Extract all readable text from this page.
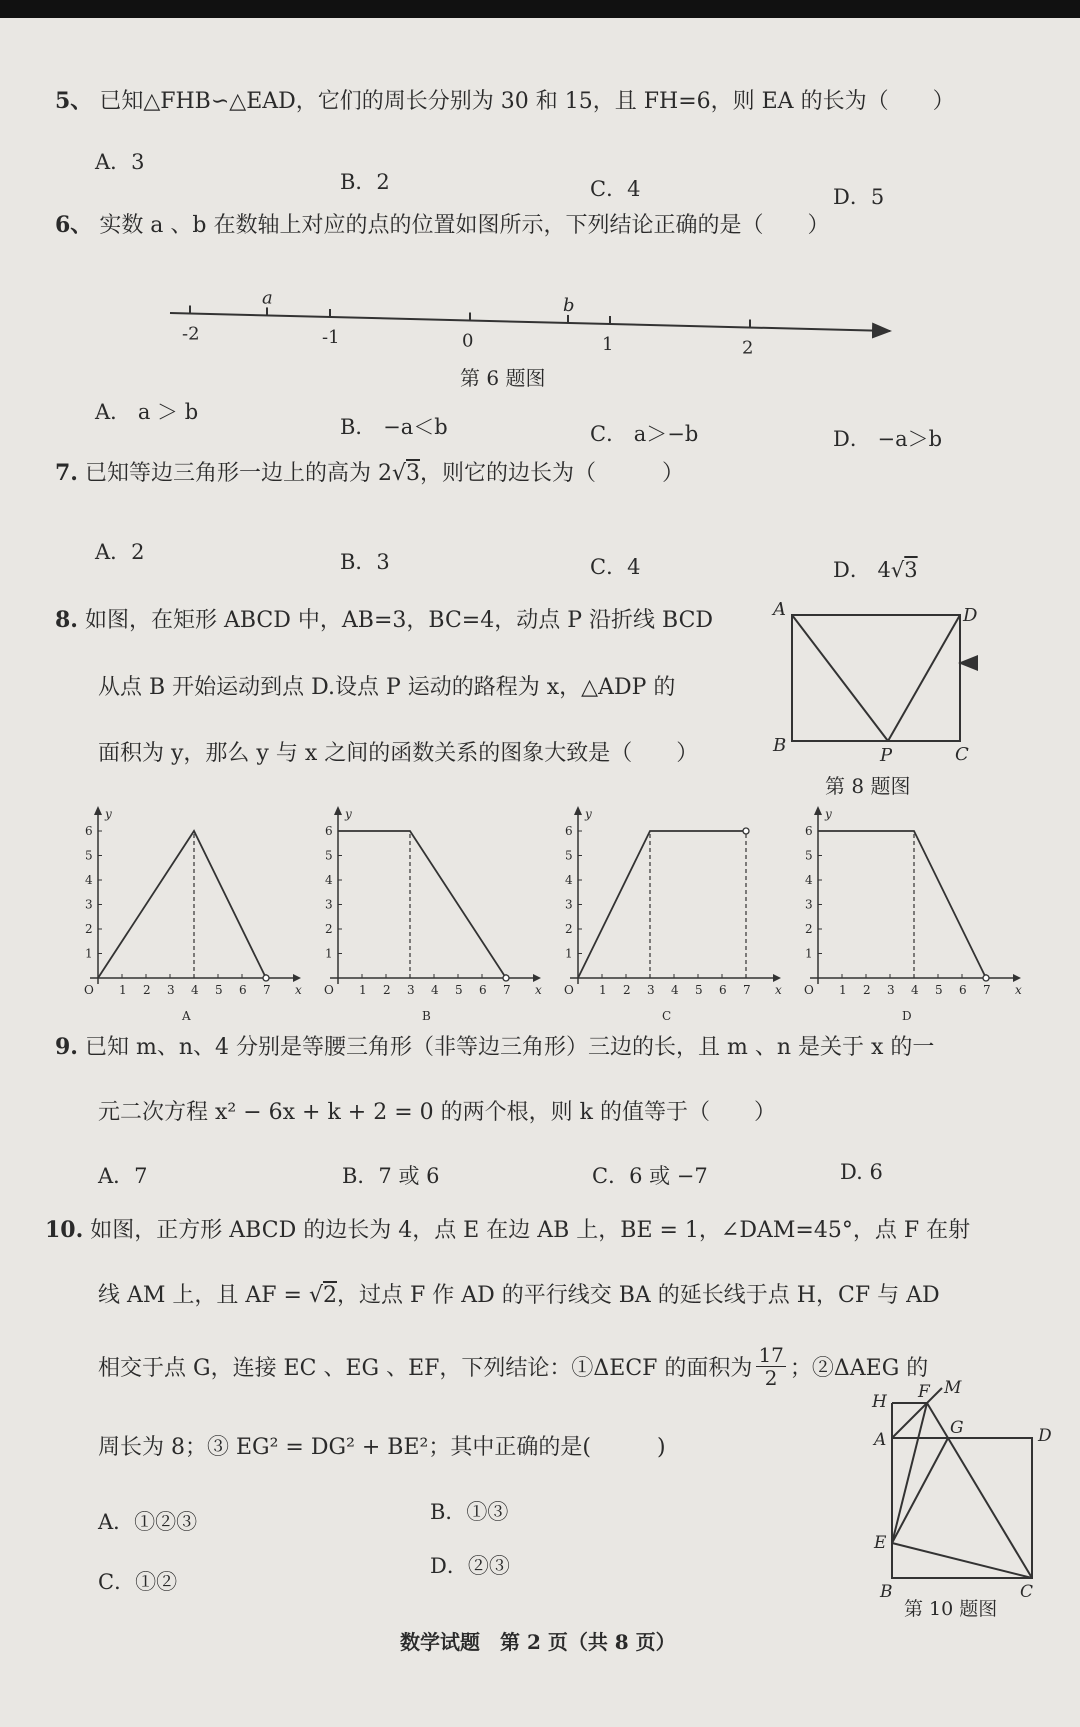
5、 已知△FHB∽△EAD，它们的周长分别为 30 和 15，且 FH=6，则 EA 的长为（　　）
A．3
B．2	C．4	D．5
6、 实数 a 、b 在数轴上对应的点的位置如图所示，下列结论正确的是（　　）
-2	-1	0	1	2
a	b
第 6 题图
A． a ＞ b
B． −a＜b	C． a＞−b	D． −a＞b
7. 已知等边三角形一边上的高为 2√3，则它的边长为（　　　）
A．2	B．3	C．4	D． 4√3
8. 如图，在矩形 ABCD 中，AB=3，BC=4，动点 P 沿折线 BCD
从点 B 开始运动到点 D.设点 P 运动的路程为 x，△ADP 的
面积为 y，那么 y 与 x 之间的函数关系的图象大致是（　　）
A	D
B	C
P
第 8 题图
1 2 3 4 5 6 7
1
2
3
4
5
6
O	x
y
A
1 2 3 4 5 6 7
1
2
3
4
5
6
O	x
y
B
1 2 3 4 5 6 7
1
2
3
4
5
6
O	x
y
C
1 2 3 4 5 6 7
1
2
3
4
5
6
O	x
y
D
9. 已知 m、n、4 分别是等腰三角形（非等边三角形）三边的长，且 m 、n 是关于 x 的一
元二次方程 x² − 6x + k + 2 = 0 的两个根，则 k 的值等于（　　）
A．7	B．7 或 6	C．6 或 −7	D. 6
10. 如图，正方形 ABCD 的边长为 4，点 E 在边 AB 上，BE = 1，∠DAM=45°，点 F 在射
线 AM 上，且 AF = √2，过点 F 作 AD 的平行线交 BA 的延长线于点 H，CF 与 AD
相交于点 G，连接 EC 、EG 、EF，下列结论：①ΔECF 的面积为 $\frac{17}{2}$ ；②ΔAEG 的
周长为 8；③ EG² = DG² + BE²；其中正确的是(　　　)
A．①②③	B．①③
C．①②
D．②③
H F M
G
A	D
E
B	C
第 10 题图
数学试题　第 2 页（共 8 页）
